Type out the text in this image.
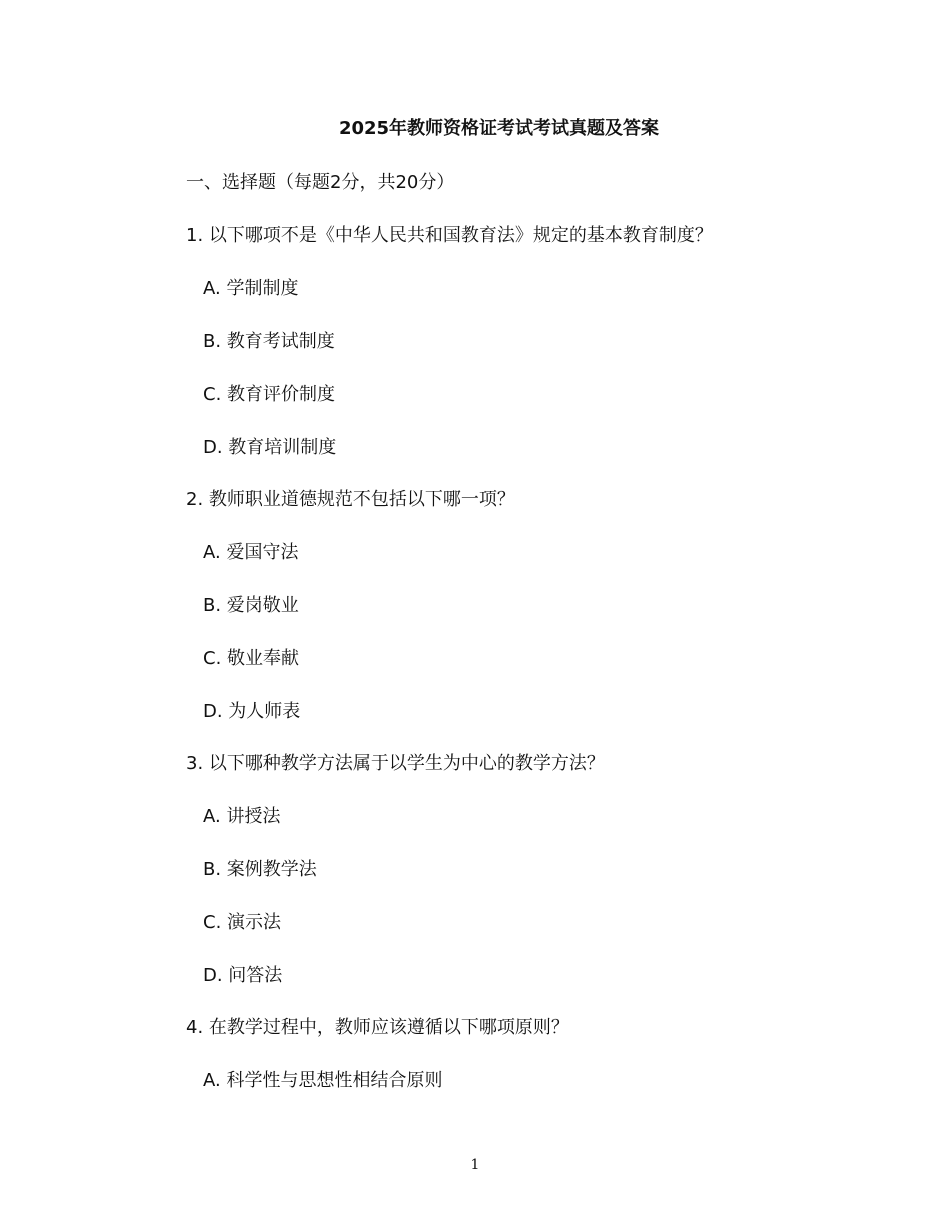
2025年教师资格证考试考试真题及答案
一、选择题（每题2分，共20分）
1. 以下哪项不是《中华人民共和国教育法》规定的基本教育制度？
A. 学制制度
B. 教育考试制度
C. 教育评价制度
D. 教育培训制度
2. 教师职业道德规范不包括以下哪一项？
A. 爱国守法
B. 爱岗敬业
C. 敬业奉献
D. 为人师表
3. 以下哪种教学方法属于以学生为中心的教学方法？
A. 讲授法
B. 案例教学法
C. 演示法
D. 问答法
4. 在教学过程中，教师应该遵循以下哪项原则？
A. 科学性与思想性相结合原则
1
